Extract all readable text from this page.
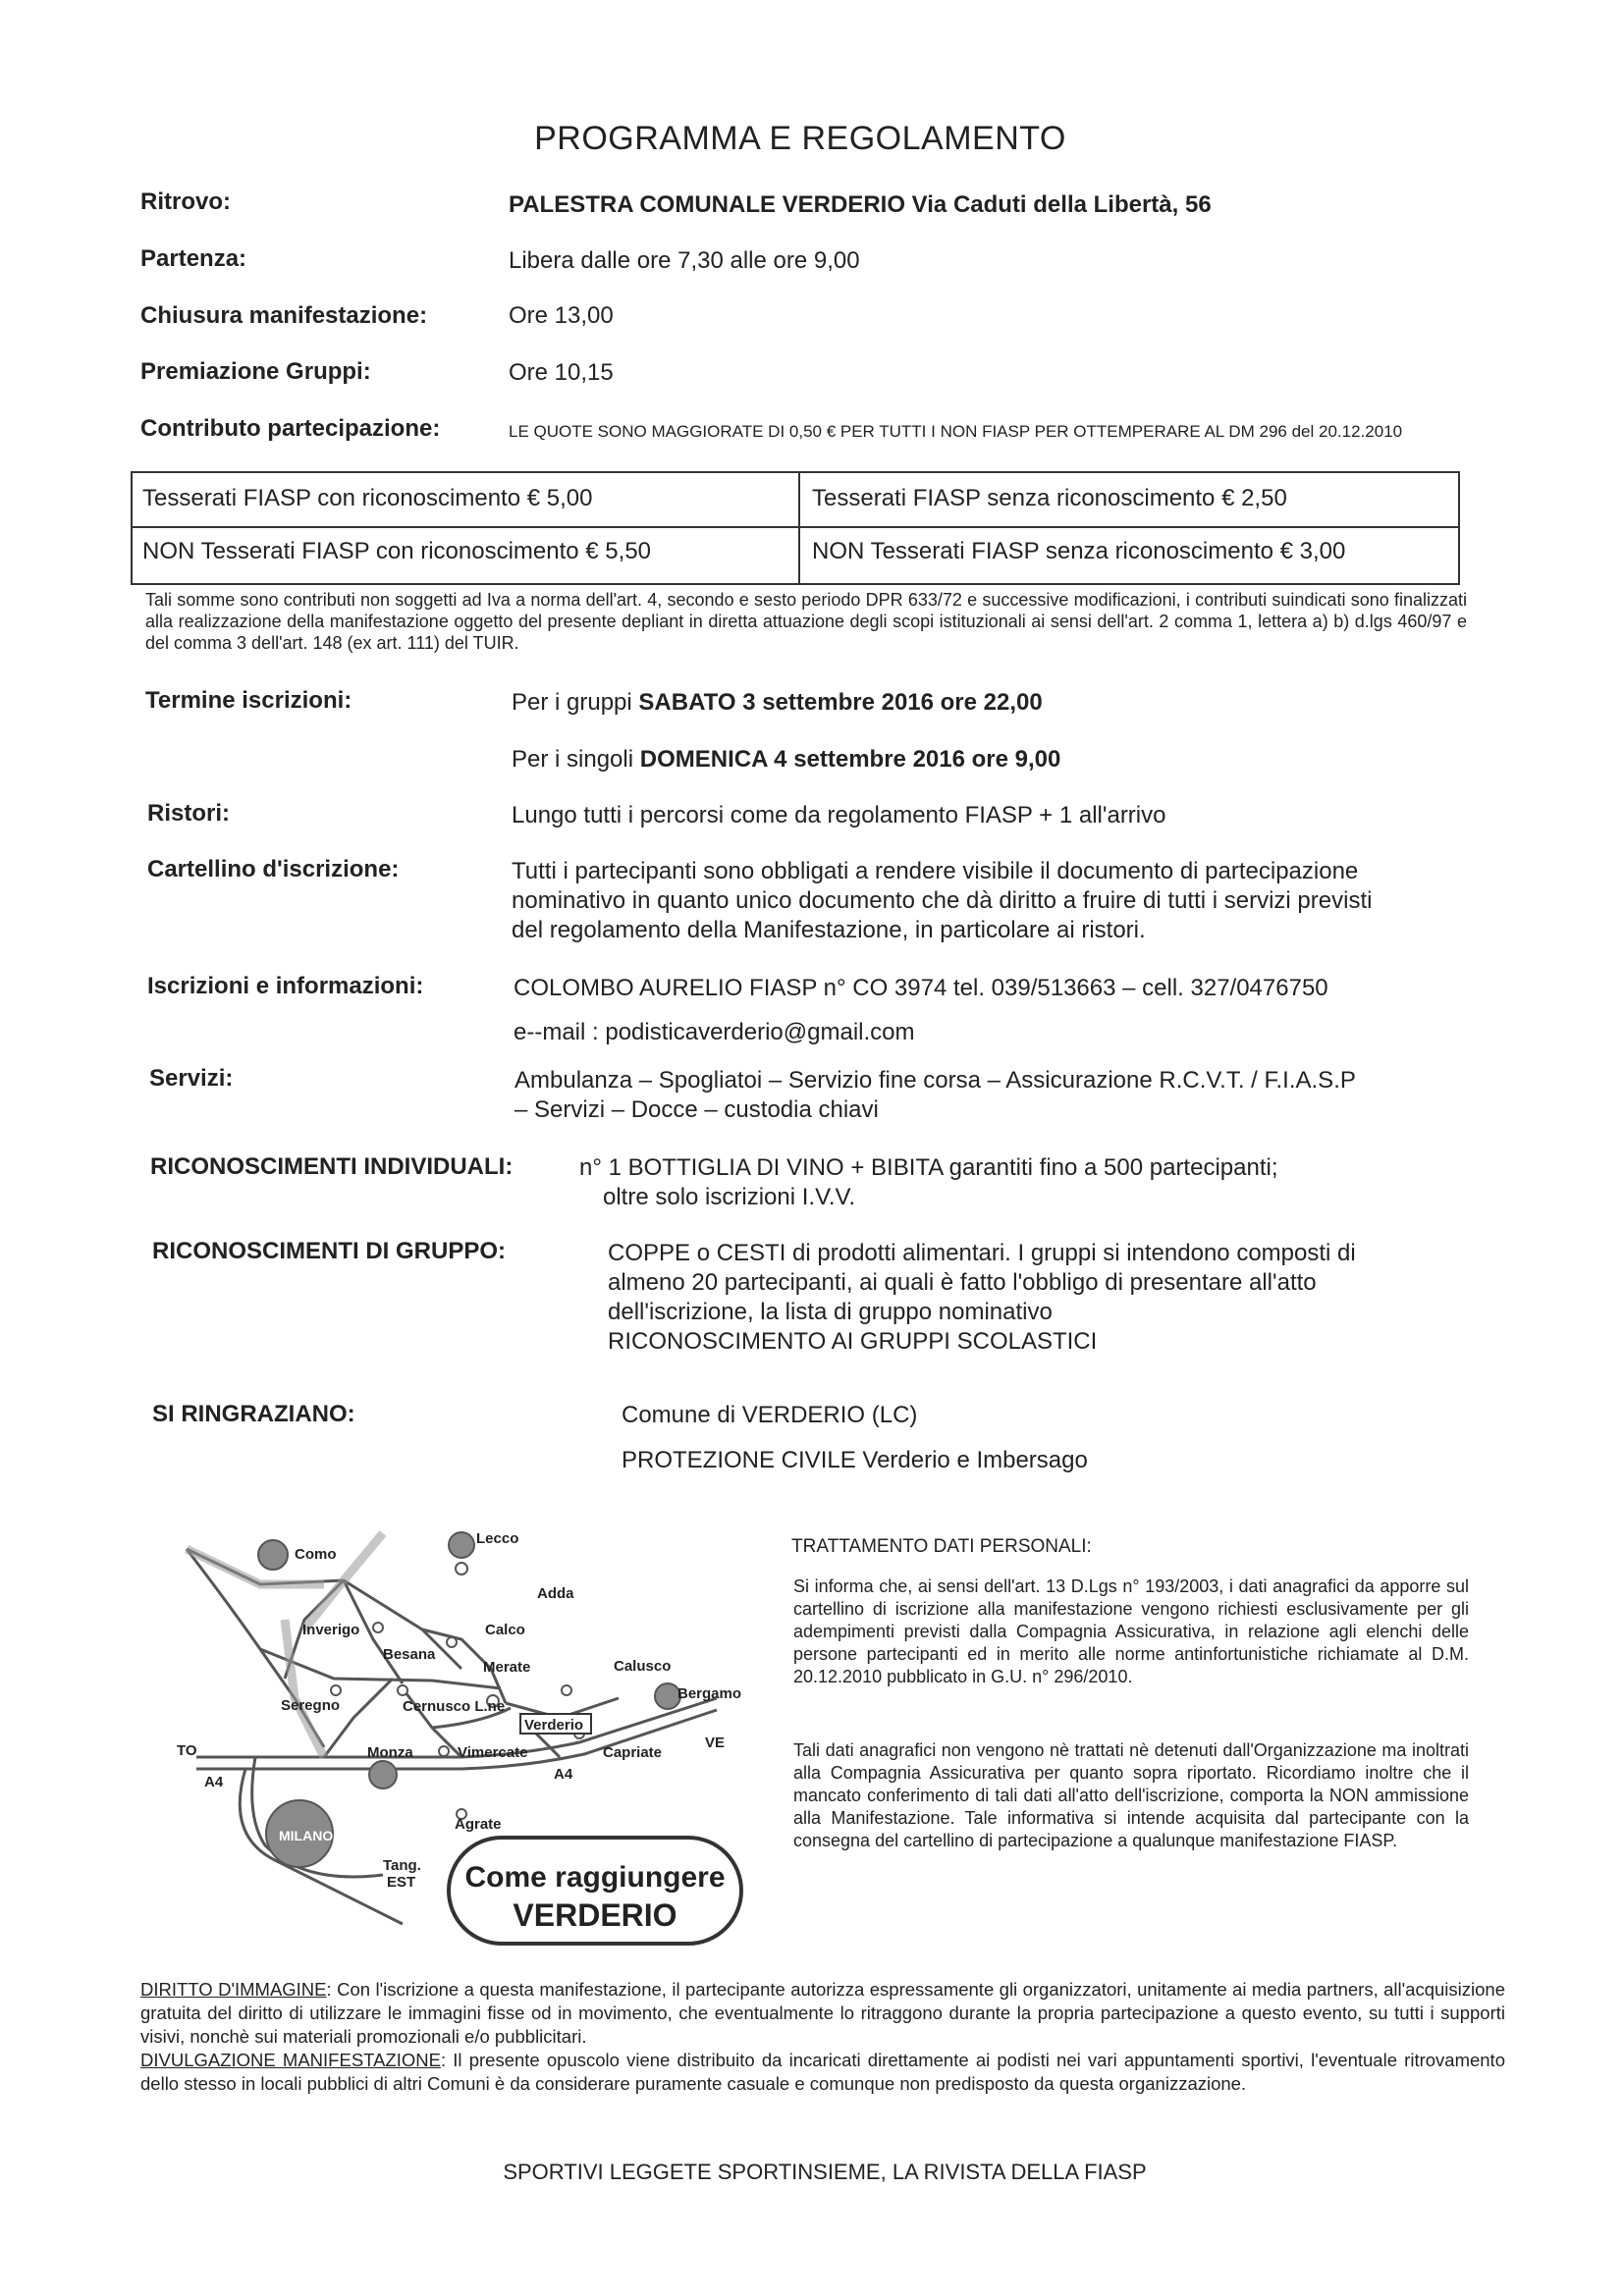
PROGRAMMA E REGOLAMENTO
Ritrovo:	PALESTRA COMUNALE VERDERIO Via Caduti della Libertà, 56
Partenza:	Libera dalle ore 7,30 alle ore 9,00
Chiusura manifestazione:	Ore 13,00
Premiazione Gruppi:	Ore 10,15
Contributo partecipazione:	LE QUOTE SONO MAGGIORATE DI 0,50 € PER TUTTI I NON FIASP PER OTTEMPERARE AL DM 296 del 20.12.2010
Tesserati FIASP con riconoscimento € 5,00	Tesserati FIASP senza riconoscimento € 2,50
NON Tesserati FIASP con riconoscimento € 5,50	NON Tesserati FIASP senza riconoscimento € 3,00
Tali somme sono contributi non soggetti ad Iva a norma dell'art. 4, secondo e sesto periodo DPR 633/72 e successive modificazioni, i contributi suindicati sono finalizzati alla realizzazione della manifestazione oggetto del presente depliant in diretta attuazione degli scopi istituzionali ai sensi dell'art. 2 comma 1, lettera a) b) d.lgs 460/97 e del comma 3 dell'art. 148 (ex art. 111) del TUIR.
Termine iscrizioni:	Per i gruppi SABATO 3 settembre 2016 ore 22,00
Per i singoli DOMENICA 4 settembre 2016 ore 9,00
Ristori:	Lungo tutti i percorsi come da regolamento FIASP + 1 all'arrivo
Cartellino d'iscrizione:	Tutti i partecipanti sono obbligati a rendere visibile il documento di partecipazione
nominativo in quanto unico documento che dà diritto a fruire di tutti i servizi previsti
del regolamento della Manifestazione, in particolare ai ristori.
Iscrizioni e informazioni:	COLOMBO AURELIO FIASP n° CO 3974 tel. 039/513663 – cell. 327/0476750
e--mail : podisticaverderio@gmail.com
Servizi:	Ambulanza – Spogliatoi – Servizio fine corsa – Assicurazione R.C.V.T. / F.I.A.S.P
– Servizi – Docce – custodia chiavi
RICONOSCIMENTI INDIVIDUALI:	n° 1 BOTTIGLIA DI VINO + BIBITA garantiti fino a 500 partecipanti;
oltre solo iscrizioni I.V.V.
RICONOSCIMENTI DI GRUPPO:	COPPE o CESTI di prodotti alimentari. I gruppi si intendono composti di
almeno 20 partecipanti, ai quali è fatto l'obbligo di presentare all'atto
dell'iscrizione, la lista di gruppo nominativo
RICONOSCIMENTO AI GRUPPI SCOLASTICI
SI RINGRAZIANO:	Comune di VERDERIO (LC)
PROTEZIONE CIVILE Verderio e Imbersago
Lecco
Como
Adda
Inverigo	Calco
Besana
Merate	Calusco
Seregno	Cernusco L.ne
Bergamo
Monza	Vimercate	Capriate
VE
A4
TO
A4
Agrate
Tang.
EST
Verderio
MILANO
Come raggiungere
VERDERIO
TRATTAMENTO DATI PERSONALI:
Si informa che, ai sensi dell'art. 13 D.Lgs n° 193/2003, i dati anagrafici da apporre sul cartellino di iscrizione alla manifestazione vengono richiesti esclusivamente per gli adempimenti previsti dalla Compagnia Assicurativa, in relazione agli elenchi delle persone partecipanti ed in merito alle norme antinfortunistiche richiamate al D.M. 20.12.2010 pubblicato in G.U. n° 296/2010.
Tali dati anagrafici non vengono nè trattati nè detenuti dall'Organizzazione ma inoltrati alla Compagnia Assicurativa per quanto sopra riportato. Ricordiamo inoltre che il mancato conferimento di tali dati all'atto dell'iscrizione, comporta la NON ammissione alla Manifestazione. Tale informativa si intende acquisita dal partecipante con la consegna del cartellino di partecipazione a qualunque manifestazione FIASP.
DIRITTO D'IMMAGINE: Con l'iscrizione a questa manifestazione, il partecipante autorizza espressamente gli organizzatori, unitamente ai media partners, all'acquisizione gratuita del diritto di utilizzare le immagini fisse od in movimento, che eventualmente lo ritraggono durante la propria partecipazione a questo evento, su tutti i supporti visivi, nonchè sui materiali promozionali e/o pubblicitari.
DIVULGAZIONE MANIFESTAZIONE: Il presente opuscolo viene distribuito da incaricati direttamente ai podisti nei vari appuntamenti sportivi, l'eventuale ritrovamento dello stesso in locali pubblici di altri Comuni è da considerare puramente casuale e comunque non predisposto da questa organizzazione.
SPORTIVI LEGGETE SPORTINSIEME, LA RIVISTA DELLA FIASP
